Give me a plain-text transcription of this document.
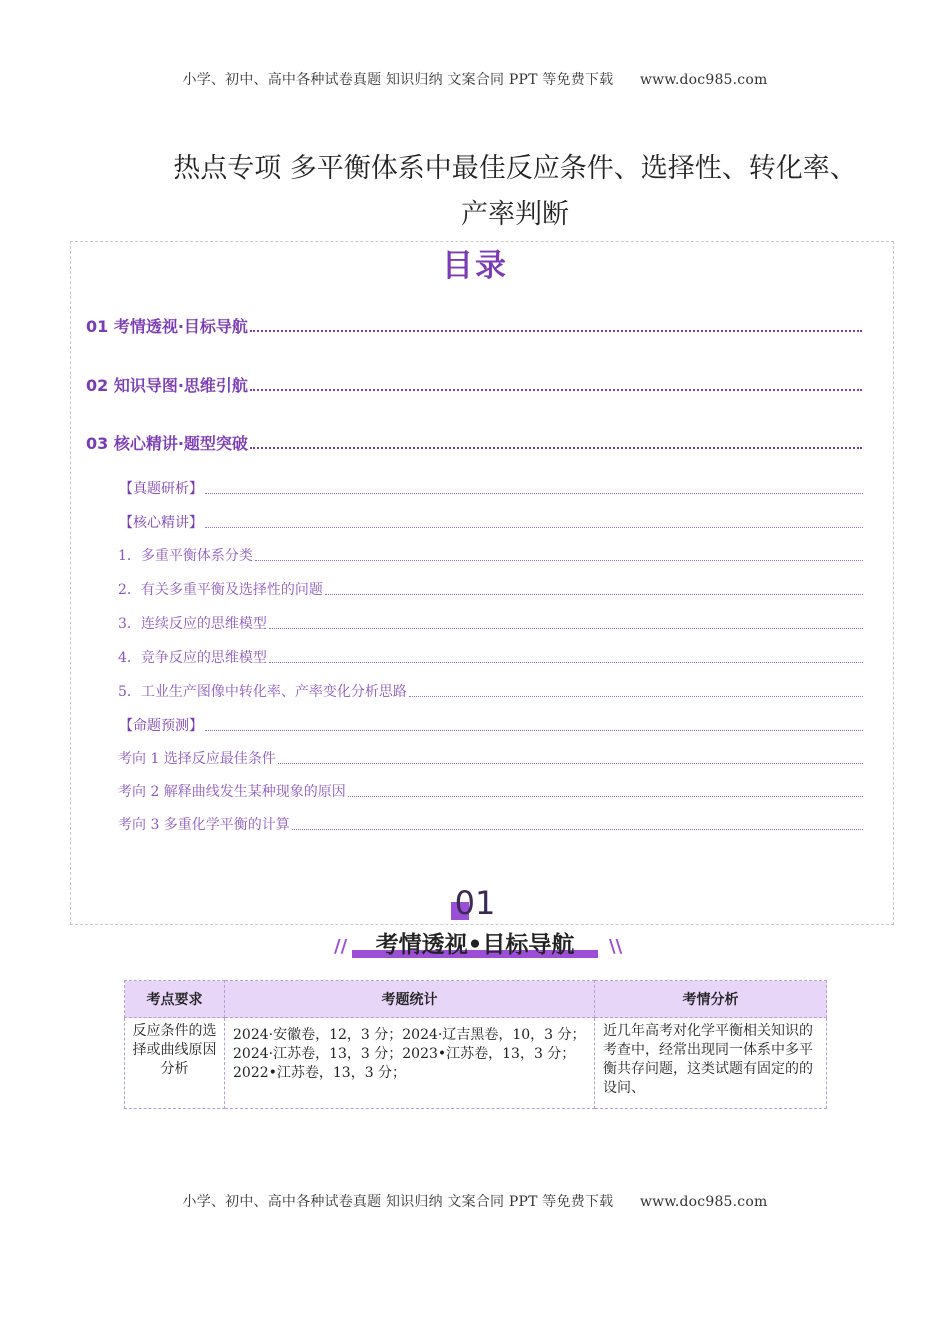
小学、初中、高中各种试卷真题 知识归纳 文案合同 PPT 等免费下载 www.doc985.com
热点专项 多平衡体系中最佳反应条件、选择性、转化率、
产率判断
目录
01 考情透视·目标导航
02 知识导图·思维引航
03 核心精讲·题型突破
【真题研析】
【核心精讲】
1．多重平衡体系分类
2．有关多重平衡及选择性的问题
3．连续反应的思维模型
4．竞争反应的思维模型
5．工业生产图像中转化率、产率变化分析思路
【命题预测】
考向 1 选择反应最佳条件
考向 2 解释曲线发生某种现象的原因
考向 3 多重化学平衡的计算
01
//	考情透视•目标导航	\\
考点要求	考题统计	考情分析

反应条件的选择或曲线原因分析	2024·安徽卷，12，3 分；2024·辽吉黑卷，10，3 分；2024·江苏卷，13，3 分；2023•江苏卷，13，3 分；2022•江苏卷，13，3 分；	近几年高考对化学平衡相关知识的考查中，经常出现同一体系中多平衡共存问题，这类试题有固定的的设问、
小学、初中、高中各种试卷真题 知识归纳 文案合同 PPT 等免费下载 www.doc985.com
